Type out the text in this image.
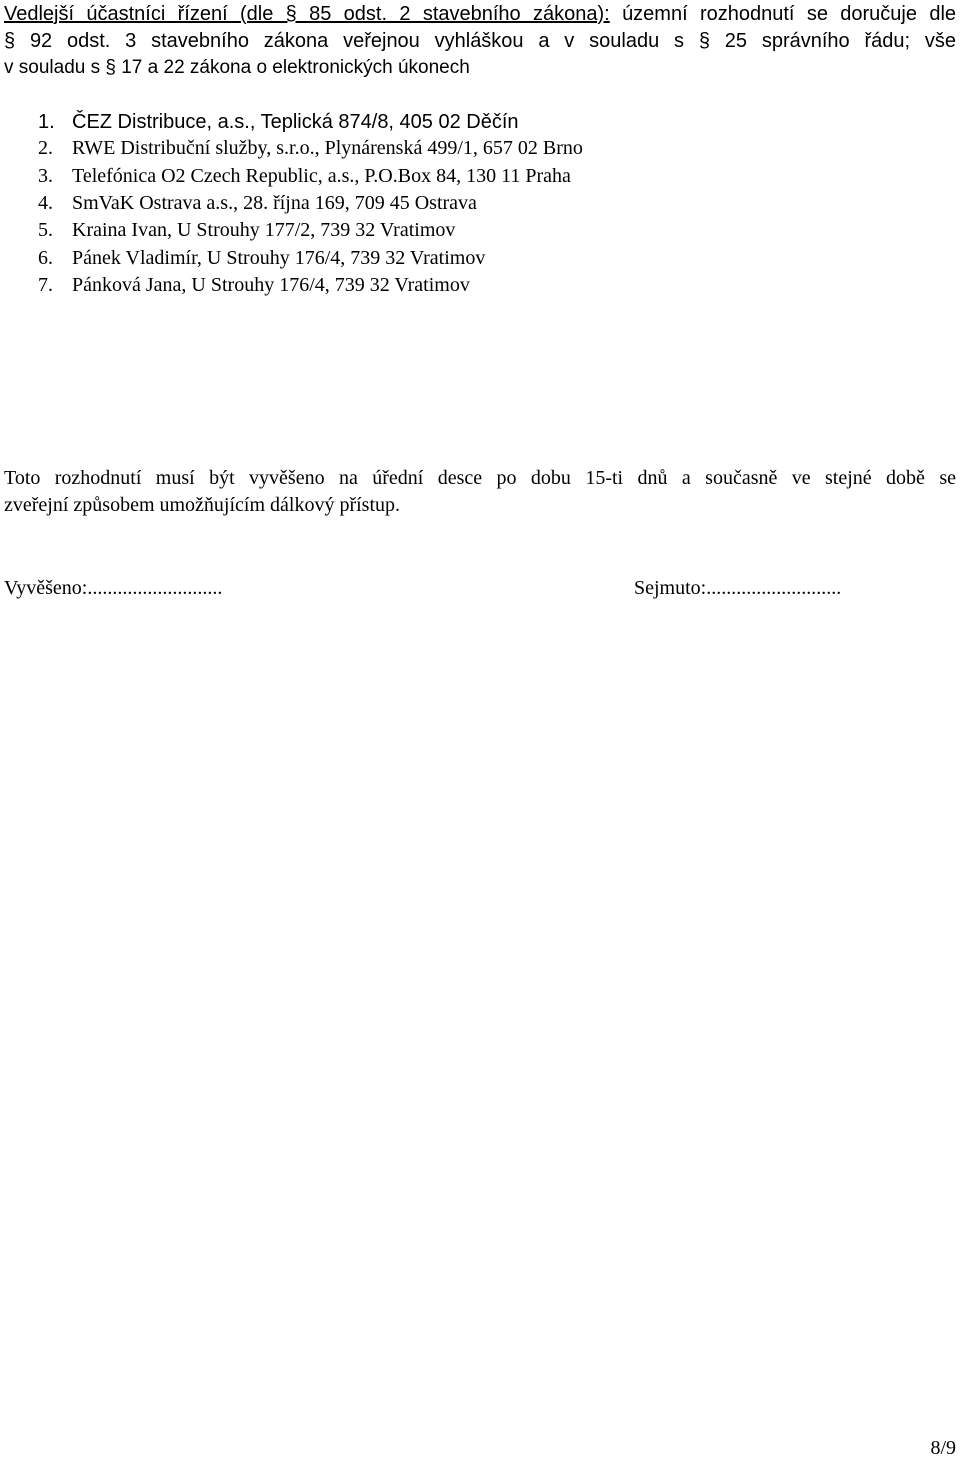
Vedlejší účastníci řízení (dle § 85 odst. 2 stavebního zákona): územní rozhodnutí se doručuje dle
§ 92 odst. 3 stavebního zákona veřejnou vyhláškou a v souladu s § 25 správního řádu; vše
v souladu s § 17 a 22 zákona o elektronických úkonech
1. ČEZ Distribuce, a.s., Teplická 874/8, 405 02 Děčín
2. RWE Distribuční služby, s.r.o., Plynárenská 499/1, 657 02 Brno
3. Telefónica O2 Czech Republic, a.s., P.O.Box 84, 130 11 Praha
4. SmVaK Ostrava a.s., 28. října 169, 709 45 Ostrava
5. Kraina Ivan, U Strouhy 177/2, 739 32 Vratimov
6. Pánek Vladimír, U Strouhy 176/4, 739 32 Vratimov
7. Pánková Jana, U Strouhy 176/4, 739 32 Vratimov
Toto rozhodnutí musí být vyvěšeno na úřední desce po dobu 15-ti dnů a současně ve stejné době se
zveřejní způsobem umožňujícím dálkový přístup.
Vyvěšeno:...........................	Sejmuto:...........................
8/9
